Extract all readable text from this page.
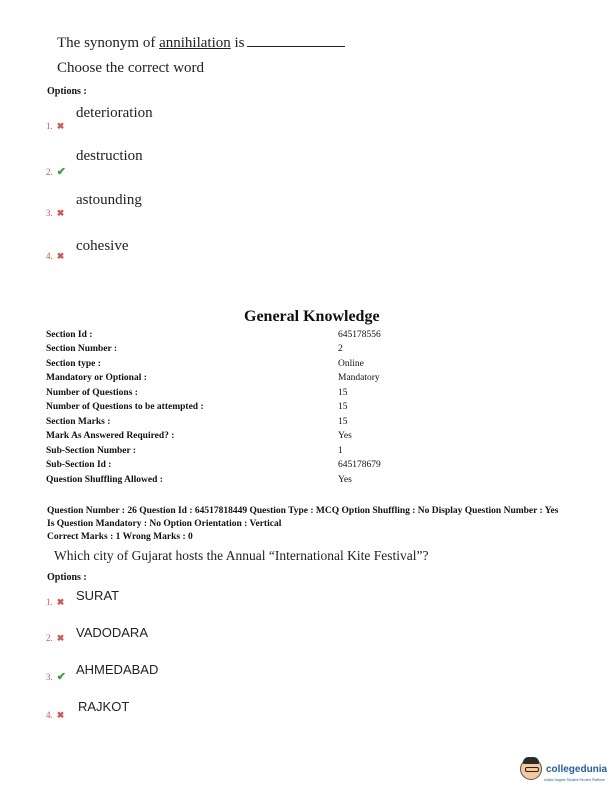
The synonym of annihilation is
Choose the correct word
Options :
1. ✖
deterioration
2. ✔
destruction
3. ✖
astounding
4. ✖
cohesive
General Knowledge
Section Id :	645178556
Section Number :	2
Section type :	Online
Mandatory or Optional :	Mandatory
Number of Questions :	15
Number of Questions to be attempted :	15
Section Marks :	15
Mark As Answered Required? :	Yes
Sub-Section Number :	1
Sub-Section Id :	645178679
Question Shuffling Allowed :	Yes
Question Number : 26 Question Id : 64517818449 Question Type : MCQ Option Shuffling : No Display Question Number : Yes Is Question Mandatory : No Option Orientation : Vertical
Correct Marks : 1 Wrong Marks : 0
Which city of Gujarat hosts the Annual “International Kite Festival”?
Options :
1. ✖ SURAT
2. ✖ VADODARA
3. ✔ AHMEDABAD
4. ✖
RAJKOT
collegedunia
India's largest Student Review Platform
